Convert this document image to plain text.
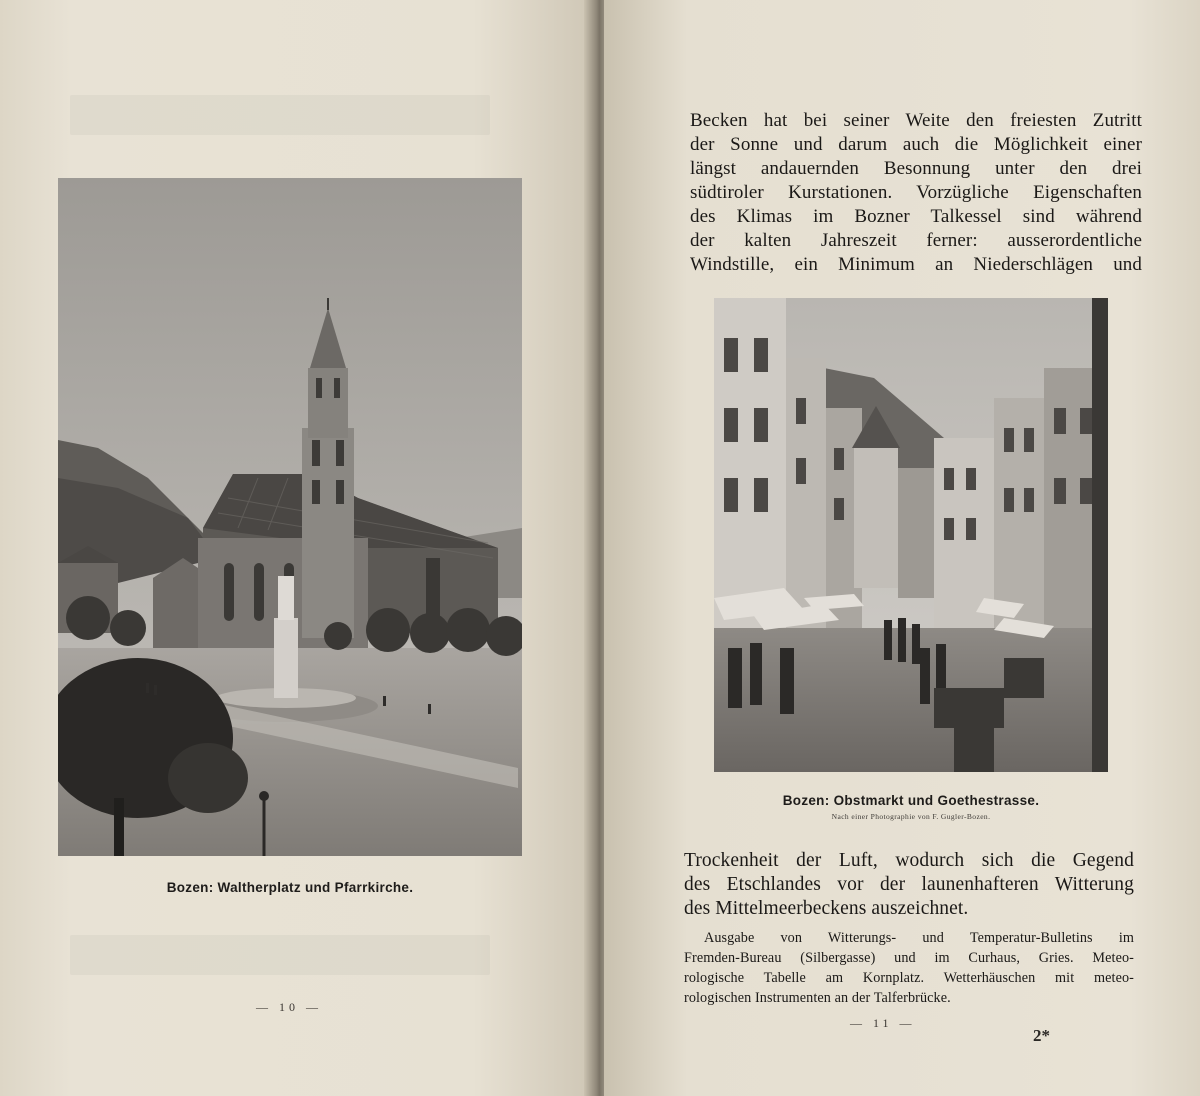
Bozen: Waltherplatz und Pfarrkirche.
— 10 —
Becken hat bei seiner Weite den freiesten Zutritt
der Sonne und darum auch die Möglichkeit einer
längst andauernden Besonnung unter den drei
südtiroler Kurstationen. Vorzügliche Eigenschaften
des Klimas im Bozner Talkessel sind während
der kalten Jahreszeit ferner: ausserordentliche
Windstille, ein Minimum an Niederschlägen und
Bozen: Obstmarkt und Goethestrasse.
Nach einer Photographie von F. Gugler-Bozen.
Trockenheit der Luft, wodurch sich die Gegend
des Etschlandes vor der launenhafteren Witterung
des Mittelmeerbeckens auszeichnet.
Ausgabe von Witterungs- und Temperatur-Bulletins im
Fremden-Bureau (Silbergasse) und im Curhaus, Gries. Meteo-
rologische Tabelle am Kornplatz. Wetterhäuschen mit meteo-
rologischen Instrumenten an der Talferbrücke.
— 11 —
2*
